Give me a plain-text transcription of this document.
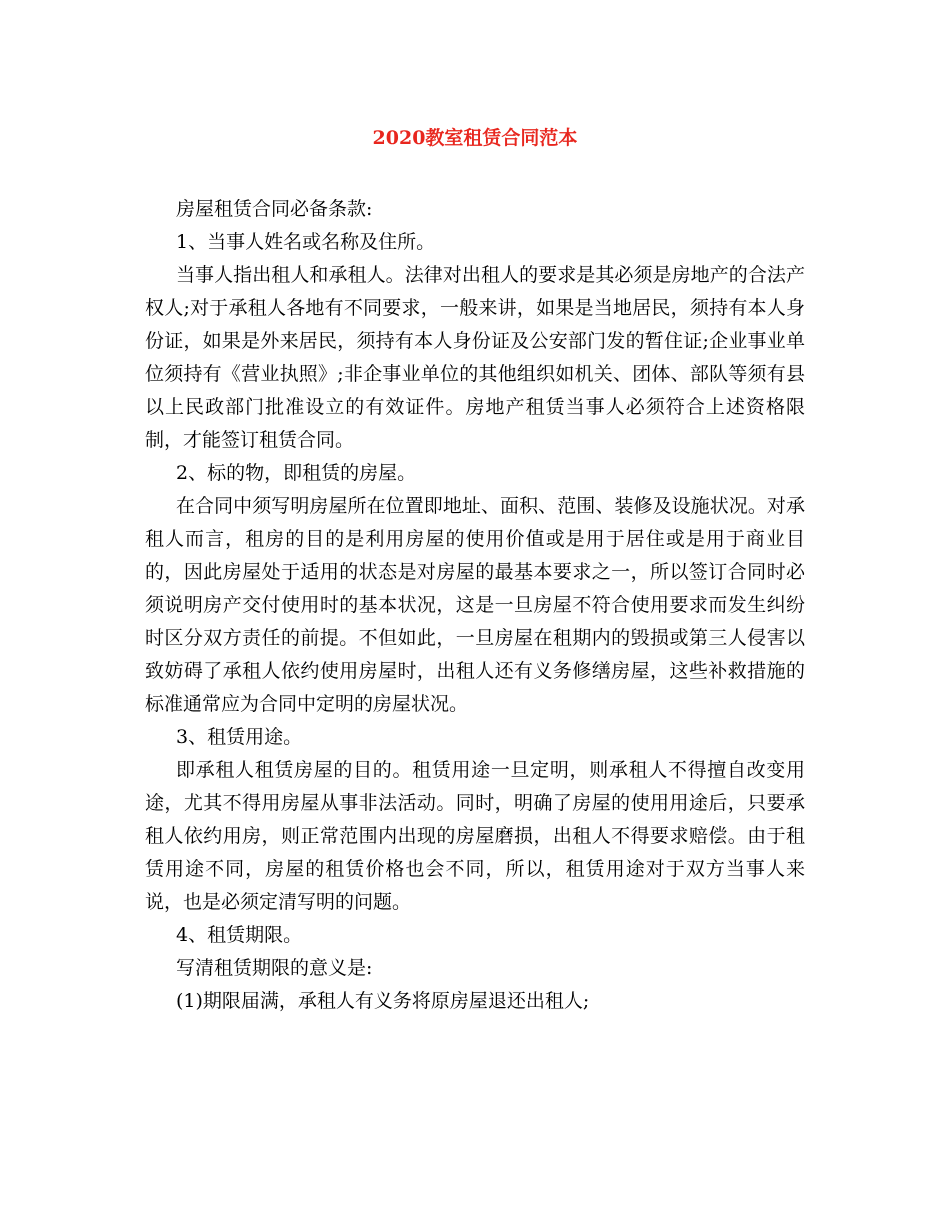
2020教室租赁合同范本

房屋租赁合同必备条款:

1、当事人姓名或名称及住所。

当事人指出租人和承租人。法律对出租人的要求是其必须是房地产的合法产权人;对于承租人各地有不同要求，一般来讲，如果是当地居民，须持有本人身份证，如果是外来居民，须持有本人身份证及公安部门发的暂住证;企业事业单位须持有《营业执照》;非企事业单位的其他组织如机关、团体、部队等须有县以上民政部门批准设立的有效证件。房地产租赁当事人必须符合上述资格限制，才能签订租赁合同。

2、标的物，即租赁的房屋。

在合同中须写明房屋所在位置即地址、面积、范围、装修及设施状况。对承租人而言，租房的目的是利用房屋的使用价值或是用于居住或是用于商业目的，因此房屋处于适用的状态是对房屋的最基本要求之一，所以签订合同时必须说明房产交付使用时的基本状况，这是一旦房屋不符合使用要求而发生纠纷时区分双方责任的前提。不但如此，一旦房屋在租期内的毁损或第三人侵害以致妨碍了承租人依约使用房屋时，出租人还有义务修缮房屋，这些补救措施的标准通常应为合同中定明的房屋状况。

3、租赁用途。

即承租人租赁房屋的目的。租赁用途一旦定明，则承租人不得擅自改变用途，尤其不得用房屋从事非法活动。同时，明确了房屋的使用用途后，只要承租人依约用房，则正常范围内出现的房屋磨损，出租人不得要求赔偿。由于租赁用途不同，房屋的租赁价格也会不同，所以，租赁用途对于双方当事人来说，也是必须定清写明的问题。

4、租赁期限。

写清租赁期限的意义是:

(1)期限届满，承租人有义务将原房屋退还出租人;
